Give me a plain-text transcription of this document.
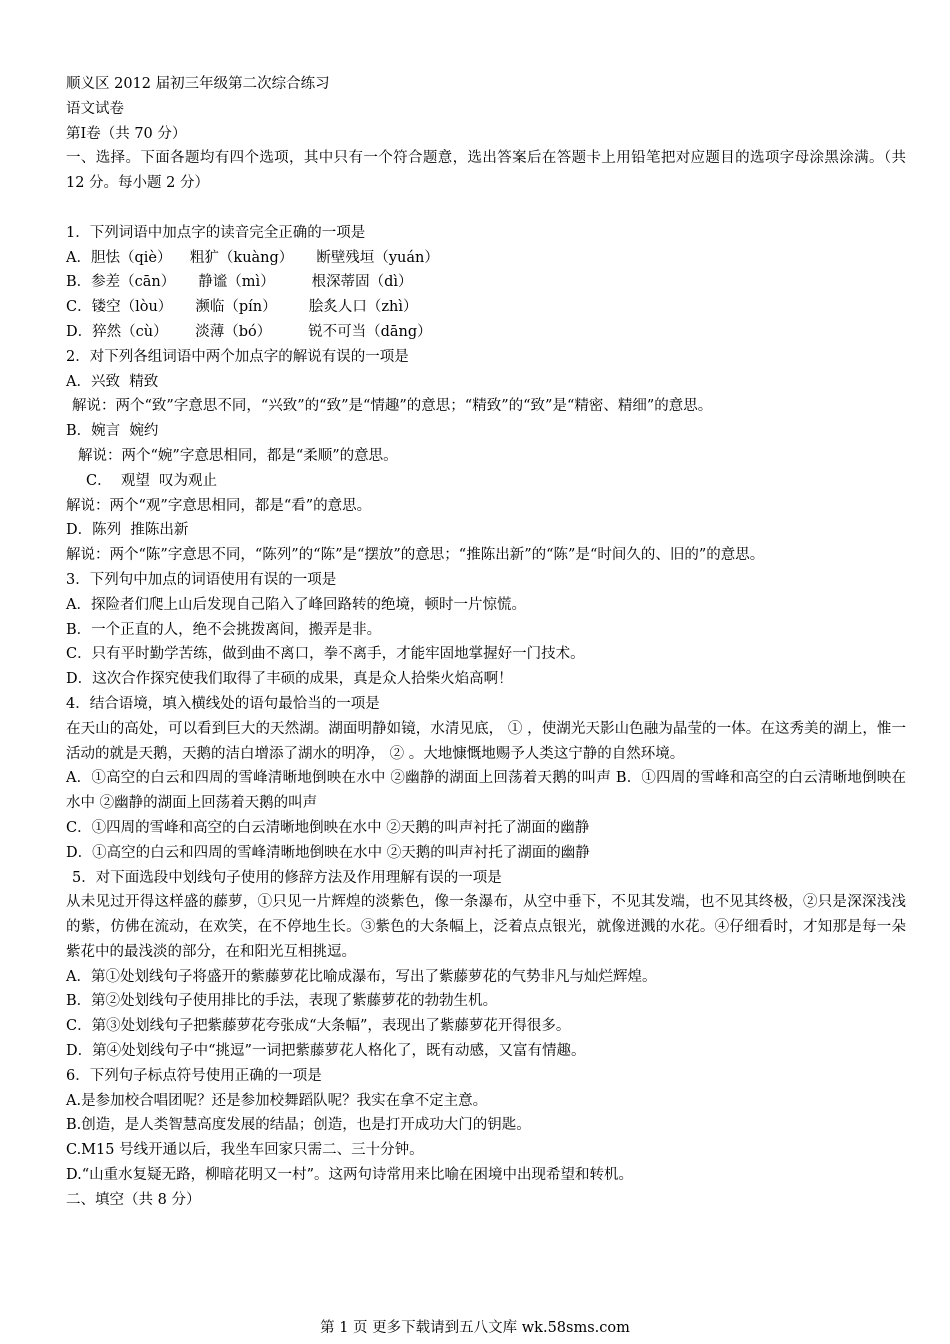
顺义区 2012 届初三年级第二次综合练习
语文试卷
第Ⅰ卷（共 70 分）
一、选择。下面各题均有四个选项，其中只有一个符合题意，选出答案后在答题卡上用铅笔把对应题目的选项字母涂黑涂满。（共 12 分。每小题 2 分）
1．下列词语中加点字的读音完全正确的一项是
A．胆怯（qiè）    粗犷（kuàng）     断壁残垣（yuán）
B．参差（cān）     静谧（mì）        根深蒂固（dì）
C．镂空（lòu）     濒临（pín）       脍炙人口（zhì）
D．猝然（cù）      淡薄（bó）        锐不可当（dāng）
2．对下列各组词语中两个加点字的解说有误的一项是
A．兴致  精致
解说：两个“致”字意思不同，“兴致”的“致”是“情趣”的意思；“精致”的“致”是“精密、精细”的意思。
B．婉言  婉约
解说：两个“婉”字意思相同，都是“柔顺”的意思。
C．  观望  叹为观止
解说：两个“观”字意思相同，都是“看”的意思。
D．陈列  推陈出新
解说：两个“陈”字意思不同，“陈列”的“陈”是“摆放”的意思；“推陈出新”的“陈”是“时间久的、旧的”的意思。
3．下列句中加点的词语使用有误的一项是
A．探险者们爬上山后发现自己陷入了峰回路转的绝境，顿时一片惊慌。
B．一个正直的人，绝不会挑拨离间，搬弄是非。
C．只有平时勤学苦练，做到曲不离口，拳不离手，才能牢固地掌握好一门技术。
D．这次合作探究使我们取得了丰硕的成果，真是众人拾柴火焰高啊！
4．结合语境，填入横线处的语句最恰当的一项是
在天山的高处，可以看到巨大的天然湖。湖面明静如镜，水清见底， ① ，使湖光天影山色融为晶莹的一体。在这秀美的湖上，惟一活动的就是天鹅，天鹅的洁白增添了湖水的明净， ② 。大地慷慨地赐予人类这宁静的自然环境。
A．①高空的白云和四周的雪峰清晰地倒映在水中 ②幽静的湖面上回荡着天鹅的叫声 B．①四周的雪峰和高空的白云清晰地倒映在水中 ②幽静的湖面上回荡着天鹅的叫声
C．①四周的雪峰和高空的白云清晰地倒映在水中 ②天鹅的叫声衬托了湖面的幽静
D．①高空的白云和四周的雪峰清晰地倒映在水中 ②天鹅的叫声衬托了湖面的幽静
5．对下面选段中划线句子使用的修辞方法及作用理解有误的一项是
从未见过开得这样盛的藤萝，①只见一片辉煌的淡紫色，像一条瀑布，从空中垂下，不见其发端，也不见其终极，②只是深深浅浅的紫，仿佛在流动，在欢笑，在不停地生长。③紫色的大条幅上，泛着点点银光，就像迸溅的水花。④仔细看时，才知那是每一朵紫花中的最浅淡的部分，在和阳光互相挑逗。
A．第①处划线句子将盛开的紫藤萝花比喻成瀑布，写出了紫藤萝花的气势非凡与灿烂辉煌。
B．第②处划线句子使用排比的手法，表现了紫藤萝花的勃勃生机。
C．第③处划线句子把紫藤萝花夸张成“大条幅”，表现出了紫藤萝花开得很多。
D．第④处划线句子中“挑逗”一词把紫藤萝花人格化了，既有动感，又富有情趣。
6．下列句子标点符号使用正确的一项是
A.是参加校合唱团呢？还是参加校舞蹈队呢？我实在拿不定主意。
B.创造，是人类智慧高度发展的结晶；创造，也是打开成功大门的钥匙。
C.M15 号线开通以后，我坐车回家只需二、三十分钟。
D.“山重水复疑无路，柳暗花明又一村”。这两句诗常用来比喻在困境中出现希望和转机。
二、填空（共 8 分）
第 1 页 更多下载请到五八文库 wk.58sms.com
